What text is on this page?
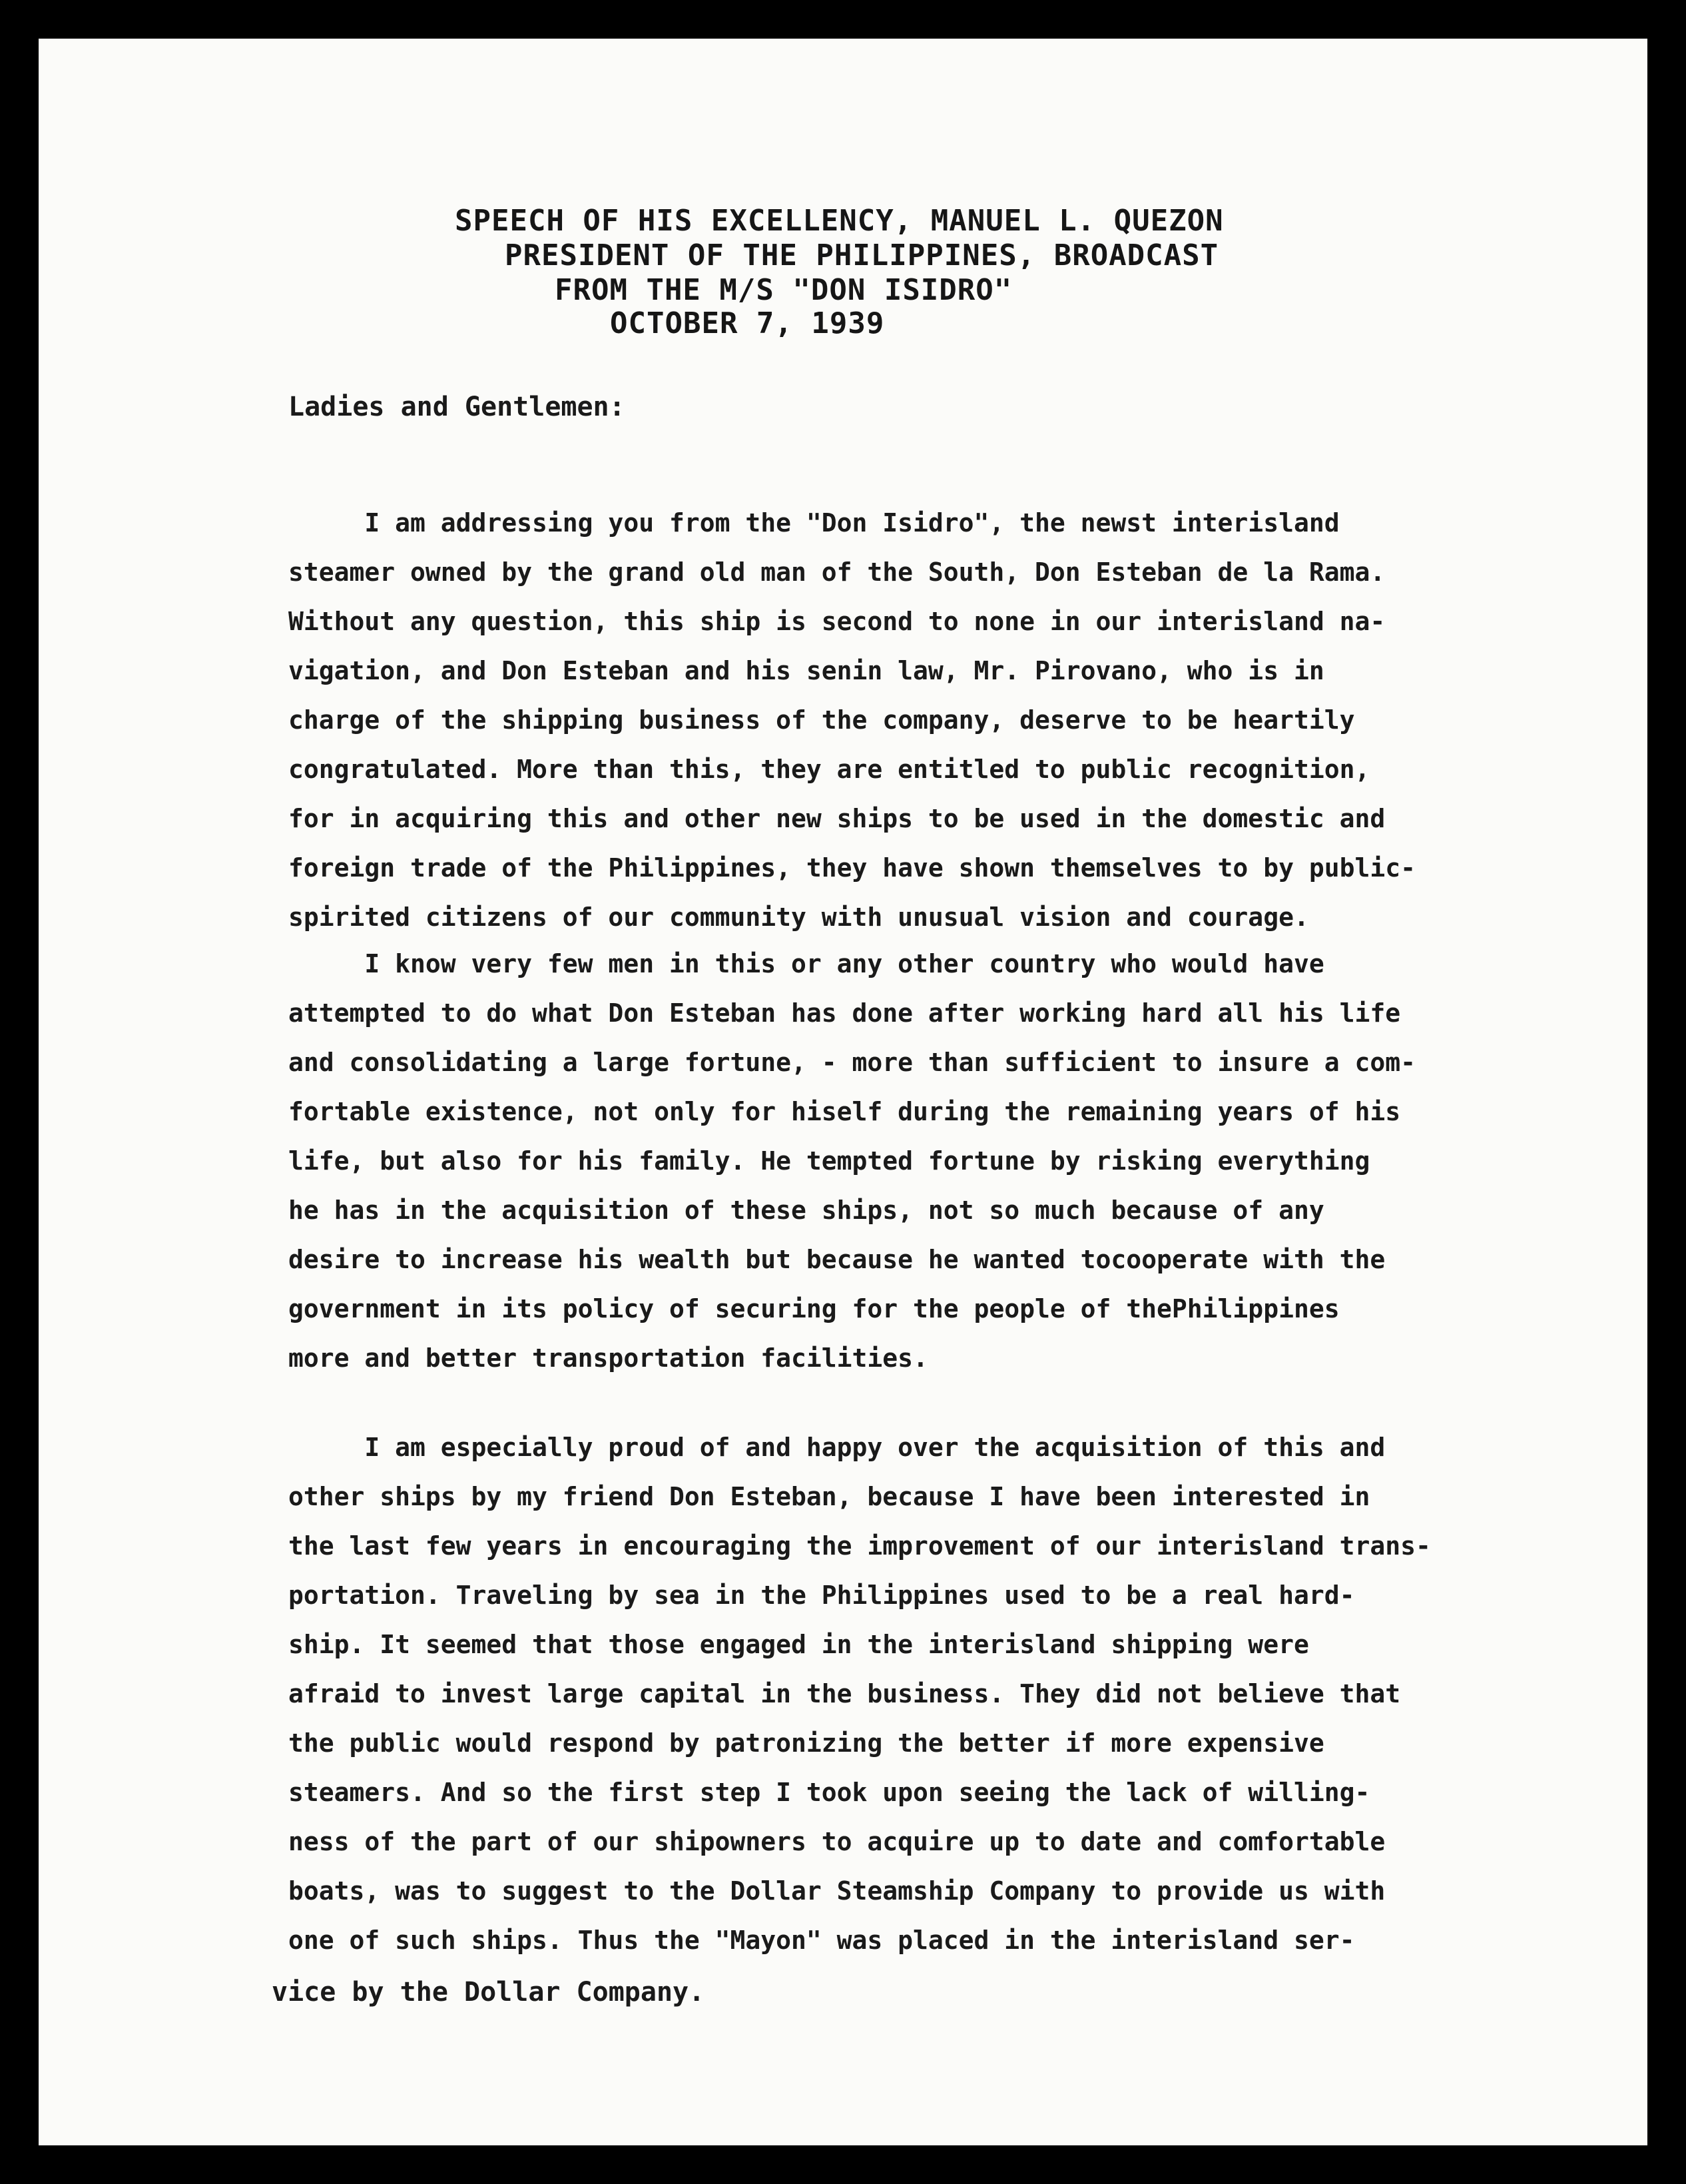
SPEECH OF HIS EXCELLENCY, MANUEL L. QUEZON
PRESIDENT OF THE PHILIPPINES, BROADCAST
FROM THE M/S "DON ISIDRO"
OCTOBER 7, 1939
Ladies and Gentlemen:
I am addressing you from the "Don Isidro", the newst interisland
steamer owned by the grand old man of the South, Don Esteban de la Rama.
Without any question, this ship is second to none in our interisland na-
vigation, and Don Esteban and his senin law, Mr. Pirovano, who is in
charge of the shipping business of the company, deserve to be heartily
congratulated. More than this, they are entitled to public recognition,
for in acquiring this and other new ships to be used in the domestic and
foreign trade of the Philippines, they have shown themselves to by public-
spirited citizens of our community with unusual vision and courage.
I know very few men in this or any other country who would have
attempted to do what Don Esteban has done after working hard all his life
and consolidating a large fortune, - more than sufficient to insure a com-
fortable existence, not only for hiself during the remaining years of his
life, but also for his family. He tempted fortune by risking everything
he has in the acquisition of these ships, not so much because of any
desire to increase his wealth but because he wanted tocooperate with the
government in its policy of securing for the people of thePhilippines
more and better transportation facilities.
I am especially proud of and happy over the acquisition of this and
other ships by my friend Don Esteban, because I have been interested in
the last few years in encouraging the improvement of our interisland trans-
portation. Traveling by sea in the Philippines used to be a real hard-
ship. It seemed that those engaged in the interisland shipping were
afraid to invest large capital in the business. They did not believe that
the public would respond by patronizing the better if more expensive
steamers. And so the first step I took upon seeing the lack of willing-
ness of the part of our shipowners to acquire up to date and comfortable
boats, was to suggest to the Dollar Steamship Company to provide us with
one of such ships. Thus the "Mayon" was placed in the interisland ser-
vice by the Dollar Company.
